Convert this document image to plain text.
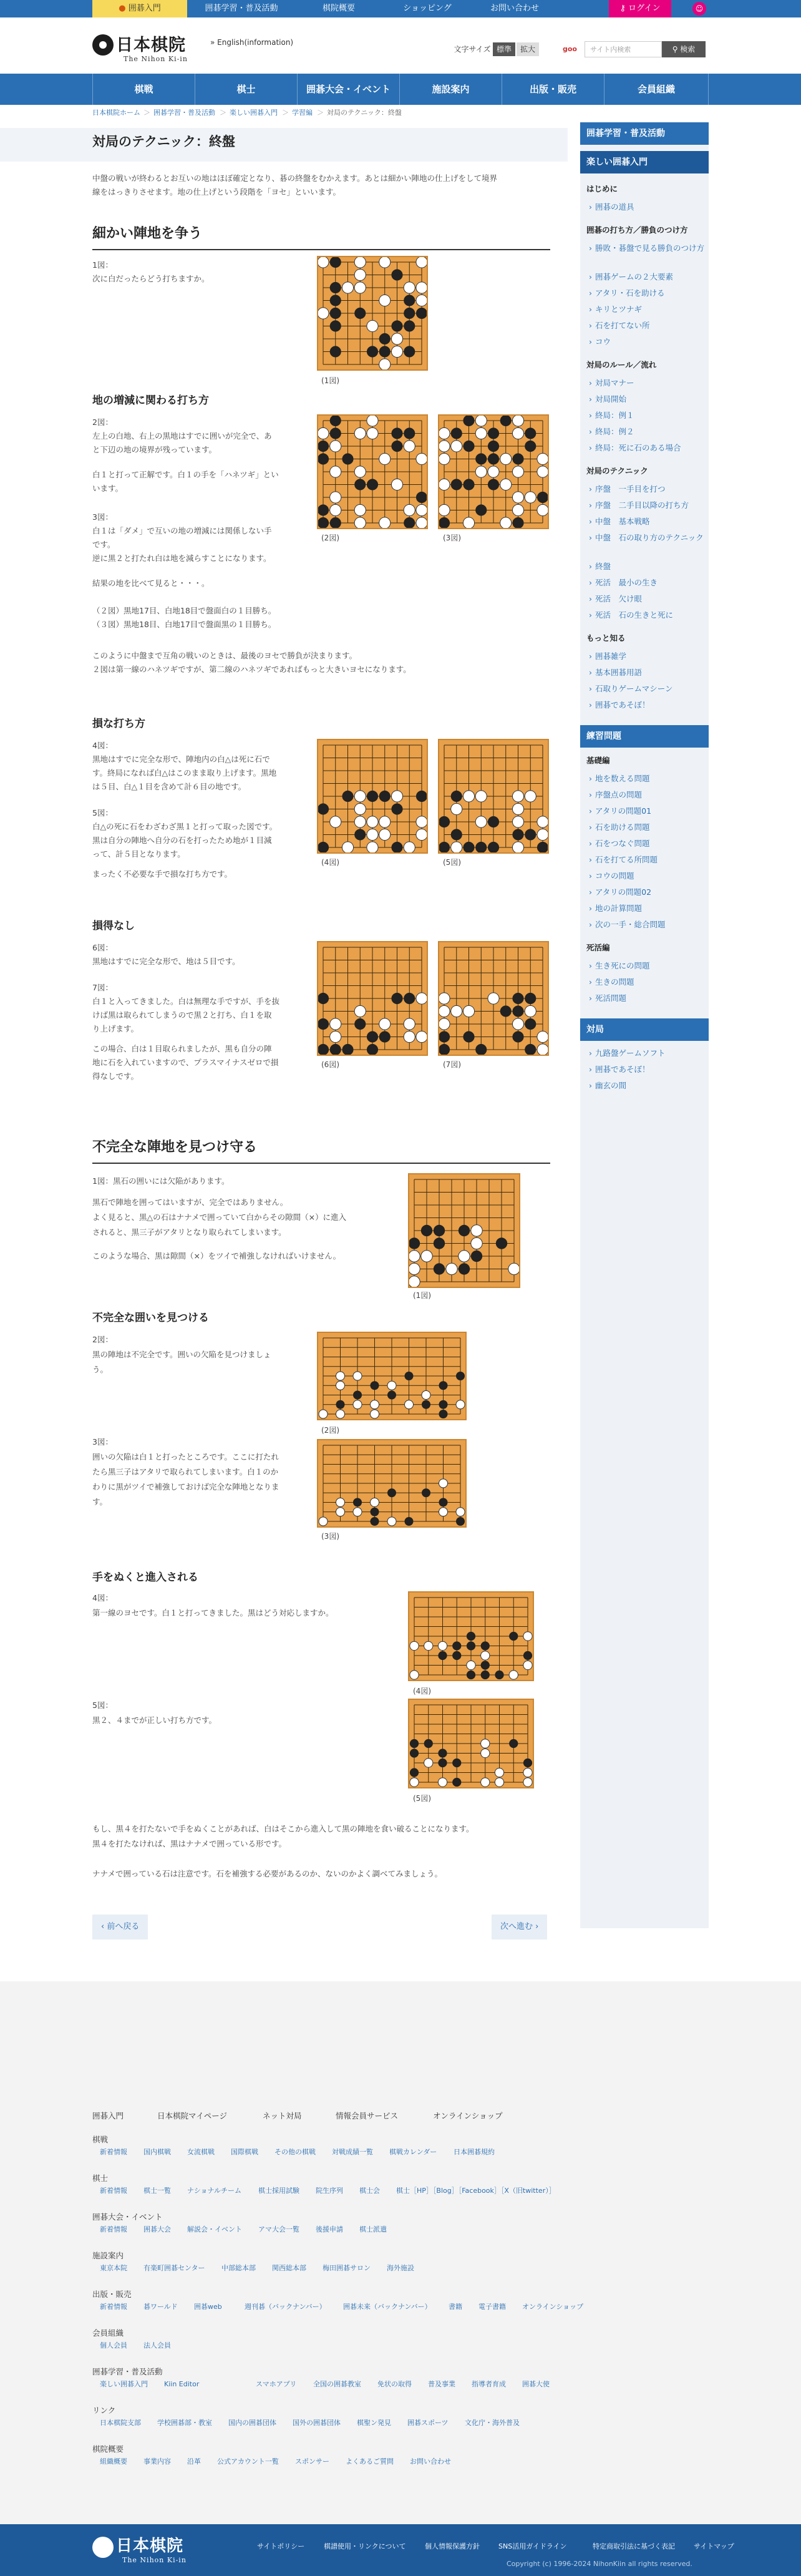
● 囲碁入門	囲碁学習・普及活動	棋院概要	ショッピング	お問い合わせ	⚷ ログイン	☺
日本棋院
The Nihon Ki-in
» English(information)
文字サイズ 標準	拡大	goo	サイト内検索	⚲ 検索
棋戦	棋士	囲碁大会・イベント	施設案内	出版・販売	会員組織
日本棋院ホーム ＞ 囲碁学習・普及活動 ＞ 楽しい囲碁入門 ＞ 学習編 ＞ 対局のテクニック：終盤
対局のテクニック：終盤
中盤の戦いが終わるとお互いの地はほぼ確定となり、碁の終盤をむかえます。あとは細かい陣地の仕上げをして境界
線をはっきりさせます。地の仕上げという段階を「ヨセ」といいます。
細かい陣地を争う
1図：
次に白だったらどう打ちますか。
(1図)
地の増減に関わる打ち方
(2図)	(3図)
損な打ち方
(4図)	(5図)
損得なし
(6図)	(7図)
不完全な陣地を見つけ守る
(1図)
不完全な囲いを見つける
(2図)
(3図)
手をぬくと進入される
(4図)
(5図)
‹ 前へ戻る	次へ進む ›
囲碁学習・普及活動
楽しい囲碁入門
日本棋院
The Nihon Ki-in	Copyright (c) 1996-2024 NihonKiin all rights reserved.
2図：
左上の白地、右上の黒地はすでに囲いが完全で、あ
と下辺の地の境界が残っています。
白１と打って正解です。白１の手を「ハネツギ」とい
います。
3図：
白１は「ダメ」で互いの地の増減には関係しない手
です。
逆に黒２と打たれ白は地を減らすことになります。
結果の地を比べて見ると・・・。
（２図）黒地17目、白地18目で盤面白の１目勝ち。
（３図）黒地18目、白地17目で盤面黒の１目勝ち。
このように中盤まで互角の戦いのときは、最後のヨセで勝負が決まります。
２図は第一線のハネツギですが、第二線のハネツギであればもっと大きいヨセになります。
4図：
黒地はすでに完全な形で、陣地内の白△は死に石で
す。終局になれば白△はこのまま取り上げます。黒地
は５目、白△１目を含めて計６目の地です。
5図：
白△の死に石をわざわざ黒１と打って取った図です。
黒は自分の陣地へ自分の石を打ったため地が１目減
って、計５目となります。
まったく不必要な手で損な打ち方です。
6図：
黒地はすでに完全な形で、地は５目です。
7図：
白１と入ってきました。白は無理な手ですが、手を抜
けば黒は取られてしまうので黒２と打ち、白１を取
り上げます。
この場合、白は１目取られましたが、黒も自分の陣
地に石を入れていますので、プラスマイナスゼロで損
得なしです。
1図：黒石の囲いには欠陥があります。
黒石で陣地を囲ってはいますが、完全ではありません。
よく見ると、黒△の石はナナメで囲っていて白からその隙間（×）に進入
されると、黒三子がアタリとなり取られてしまいます。
このような場合、黒は隙間（×）をツイで補強しなければいけません。
2図：
黒の陣地は不完全です。囲いの欠陥を見つけましょ
う。
3図：
囲いの欠陥は白１と打ったところです。ここに打たれ
たら黒三子はアタリで取られてしまいます。白１のか
わりに黒がツイで補強しておけば完全な陣地となりま
す。
4図：
第一線のヨセです。白１と打ってきました。黒はどう対応しますか。
5図：
黒２、４までが正しい打ち方です。
もし、黒４を打たないで手をぬくことがあれば、白はそこから進入して黒の陣地を食い破ることになります。
黒４を打たなければ、黒はナナメで囲っている形です。
ナナメで囲っている石は注意です。石を補強する必要があるのか、ないのかよく調べてみましょう。
はじめに
› 囲碁の道具
囲碁の打ち方／勝負のつけ方
› 勝敗・碁盤で見る勝負のつけ方
› 囲碁ゲームの２大要素
› アタリ・石を助ける
› キリとツナギ
› 石を打てない所
› コウ
対局のルール／流れ
› 対局マナー
› 対局開始
› 終局：例１
› 終局：例２
› 終局：死に石のある場合
対局のテクニック
› 序盤　一手目を打つ
› 序盤　二手目以降の打ち方
› 中盤　基本戦略
› 中盤　石の取り方のテクニック
› 終盤
› 死活　最小の生き
› 死活　欠け眼
› 死活　石の生きと死に
もっと知る
› 囲碁雑学
› 基本囲碁用語
› 石取りゲームマシーン
› 囲碁であそぼ！
練習問題
基礎編
› 地を数える問題
› 序盤点の問題
› アタリの問題01
› 石を助ける問題
› 石をつなぐ問題
› 石を打てる所問題
› コウの問題
› アタリの問題02
› 地の計算問題
› 次の一手・総合問題
死活編
› 生き死にの問題
› 生きの問題
› 死活問題
対局
› 九路盤ゲームソフト
› 囲碁であそぼ！
› 幽玄の間
囲碁入門	日本棋院マイページ	ネット対局	情報会員サービス	オンラインショップ
棋戦
新着情報 国内棋戦 女流棋戦 国際棋戦 その他の棋戦 対戦成績一覧 棋戦カレンダー 日本囲碁規約
棋士
新着情報 棋士一覧 ナショナルチーム 棋士採用試験 院生序列 棋士会 棋士［HP］［Blog］［Facebook］［X（旧twitter）］
囲碁大会・イベント
新着情報 囲碁大会 解説会・イベント アマ大会一覧 後援申請 棋士派遣
施設案内
東京本院 有楽町囲碁センター 中部総本部 関西総本部 梅田囲碁サロン 海外施設
出版・販売
新着情報 碁ワールド 囲碁web	週刊碁（バックナンバー） 囲碁未来（バックナンバー） 書籍 電子書籍 オンラインショップ
会員組織
個人会員 法人会員
囲碁学習・普及活動
楽しい囲碁入門 Kiin Editor	スマホアプリ 全国の囲碁教室 免状の取得 普及事業 指導者育成 囲碁大使
リンク
日本棋院支部 学校囲碁部・教室 国内の囲碁団体 国外の囲碁団体 棋聖ン発見 囲碁スポーツ 文化庁・海外普及
棋院概要
組織概要 事業内容 沿革 公式アカウント一覧 スポンサー よくあるご質問 お問い合わせ
サイトポリシー	棋譜使用・リンクについて	個人情報保護方針	SNS活用ガイドライン	特定商取引法に基づく表記	サイトマップ
